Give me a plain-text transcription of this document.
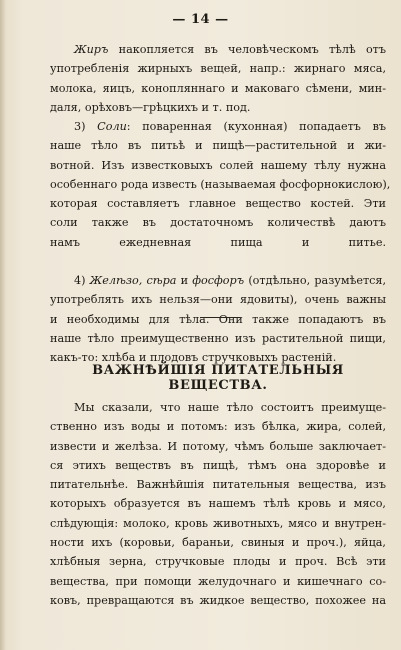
— 14 —
Жиръ накопляется въ человѣческомъ тѣлѣ отъ
употребленія жирныхъ вещей, напр.: жирнаго мяса,
молока, яицъ, конопляннаго и маковаго сѣмени, мин-
даля, орѣховъ—грѣцкихъ и т. под.
3) Соли: поваренная (кухонная) попадаетъ въ
наше тѣло въ питьѣ и пищѣ—растительной и жи-
вотной. Изъ известковыхъ солей нашему тѣлу нужна
особеннаго рода известь (называемая фосфорнокислою),
которая составляетъ главное вещество костей. Эти
соли также въ достаточномъ количествѣ даютъ
намъ ежедневная пища и питье.
4) Желѣзо, сѣра и фосфоръ (отдѣльно, разумѣется,
употреблять ихъ нельзя—они ядовиты), очень важны
и необходимы для тѣла. Они также попадаютъ въ
наше тѣло преимущественно изъ растительной пищи,
какъ-то: хлѣба и плодовъ стручковыхъ растеній.
ВАЖНѢЙШІЯ ПИТАТЕЛЬНЫЯ ВЕЩЕСТВА.
Мы сказали, что наше тѣло состоитъ преимуще-
ственно изъ воды и потомъ: изъ бѣлка, жира, солей,
извести и желѣза. И потому, чѣмъ больше заключает-
ся этихъ веществъ въ пищѣ, тѣмъ она здоровѣе и
питательнѣе. Важнѣйшія питательныя вещества, изъ
которыхъ образуется въ нашемъ тѣлѣ кровь и мясо,
слѣдующія: молоко, кровь животныхъ, мясо и внутрен-
ности ихъ (коровьи, бараньи, свиныя и проч.), яйца,
хлѣбныя зерна, стручковые плоды и проч. Всѣ эти
вещества, при помощи желудочнаго и кишечнаго со-
ковъ, превращаются въ жидкое вещество, похожее на
